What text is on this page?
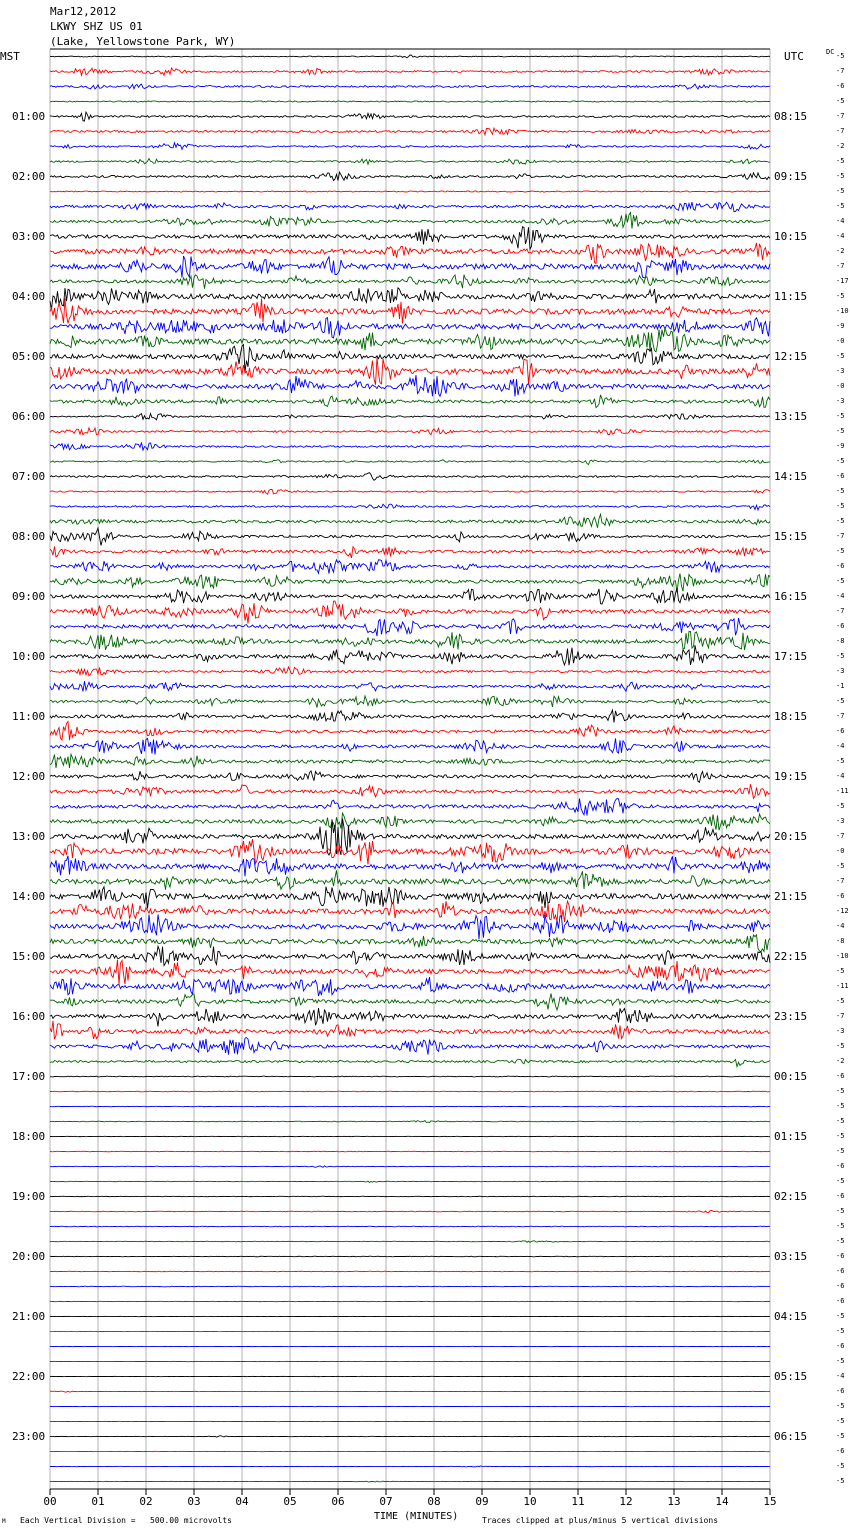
00	01	02	03	04	05	06	07	08	09	10	11	12	13	14	15
Mar12,2012
LKWY SHZ US 01
(Lake, Yellowstone Park, WY)
MST	UTC	DC -5
-7
-6
-5
-7
-7
-2
-5
-5
-5
-5
-4
-4
-2
-7
-17
-5
-10
-9
-0
-5
-3
-0
-3
-5
-5
-9
-5
-6
-5
-5
-5
-7
-5
-6
-5
-4
-7
-6
-8
-5
-3
-1
-5
-7
-6
-4
-5
-4
-11
-5
-3
-7
-0
-5
-7
-6
-12
-4
-8
-10
-5
-11
-5
-7
-3
-5
-2
-6
-5
-5
-5
-5
-5
-6
-5
-6
-5
-5
-5
-6
-6
-6
-6
-5
-5
-6
-5
-4
-6
-5
-5
-5
-6
-5
-5
01:00
02:00
03:00
04:00
05:00
06:00
07:00
08:00
09:00
10:00
11:00
12:00
13:00
14:00
15:00
16:00
17:00
18:00
19:00
20:00
21:00
22:00
23:00
08:15
09:15
10:15
11:15
12:15
13:15
14:15
15:15
16:15
17:15
18:15
19:15
20:15
21:15
22:15
23:15
00:15
01:15
02:15
03:15
04:15
05:15
06:15
TIME (MINUTES)
M Each Vertical Division =   500.00 microvolts	Traces clipped at plus/minus 5 vertical divisions
